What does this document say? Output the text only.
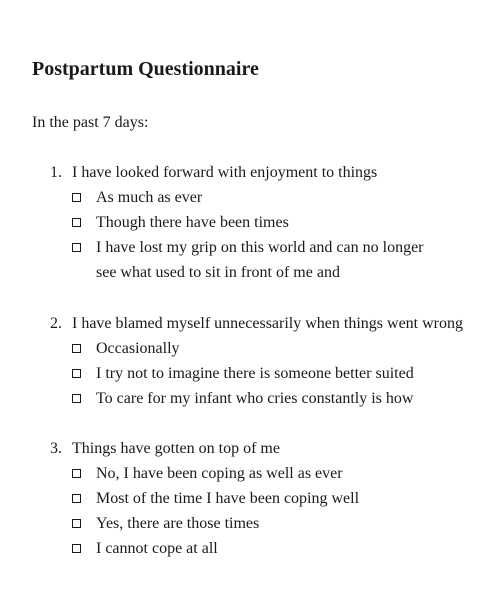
Postpartum Questionnaire

In the past 7 days:

1. I have looked forward with enjoyment to things
As much as ever
Though there have been times
I have lost my grip on this world and can no longer see what used to sit in front of me and
2. I have blamed myself unnecessarily when things went wrong
Occasionally
I try not to imagine there is someone better suited
To care for my infant who cries constantly is how
3. Things have gotten on top of me
No, I have been coping as well as ever
Most of the time I have been coping well
Yes, there are those times
I cannot cope at all
